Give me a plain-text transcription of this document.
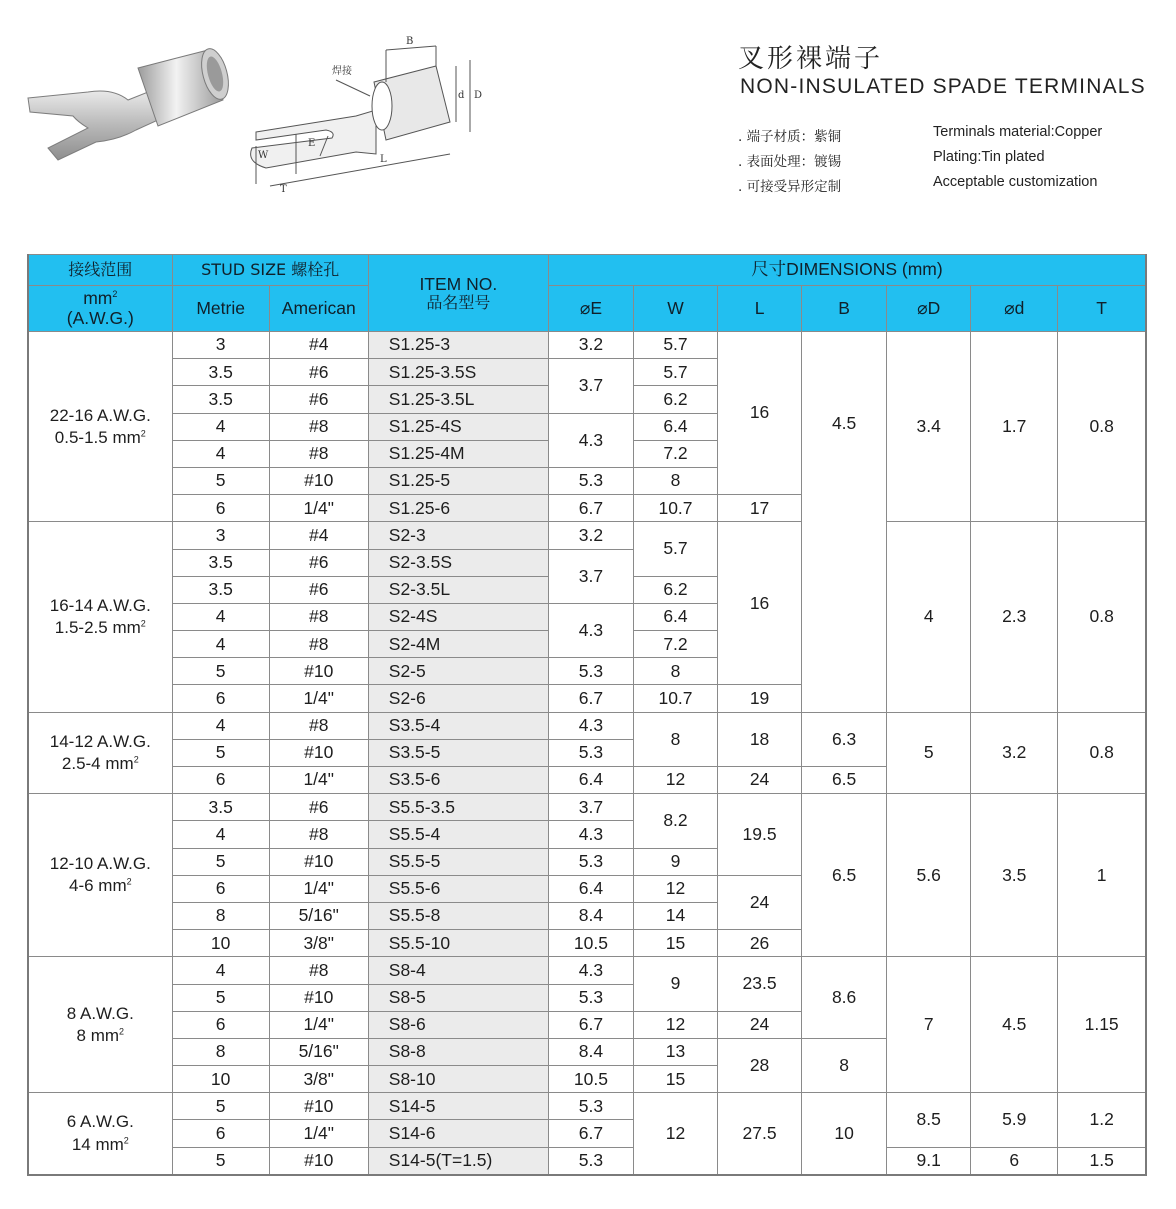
焊接
B
d D
E
W	L
T
叉形裸端子
NON-INSULATED SPADE TERMINALS
. 端子材质：紫铜
. 表面处理：镀锡
. 可接受异形定制
Terminals material:Copper
Plating:Tin plated
Acceptable customization
接线范围	STUD SIZE 螺栓孔		ITEM NO.
品名型号	尺寸DIMENSIONS (mm)						
$mm^2$
(A.W.G.)	Metrie	American		⌀E	W	L	B	⌀D	⌀d	T
22-16 A.W.G.
0.5-1.5 $mm^2$	3	#4	S1.25-3	3.2	5.7	16	4.5	3.4	1.7	0.8
	3.5	#6	S1.25-3.5S	3.7	5.7					
	3.5	#6	S1.25-3.5L		6.2					
	4	#8	S1.25-4S	4.3	6.4					
	4	#8	S1.25-4M		7.2					
	5	#10	S1.25-5	5.3	8					
	6	1/4"	S1.25-6	6.7	10.7	17				
16-14 A.W.G.
1.5-2.5 $mm^2$	3	#4	S2-3	3.2	5.7	16		4	2.3	0.8
	3.5	#6	S2-3.5S	3.7						
	3.5	#6	S2-3.5L		6.2					
	4	#8	S2-4S	4.3	6.4					
	4	#8	S2-4M		7.2					
	5	#10	S2-5	5.3	8					
	6	1/4"	S2-6	6.7	10.7	19				
14-12 A.W.G.
2.5-4 $mm^2$	4	#8	S3.5-4	4.3	8	18	6.3	5	3.2	0.8
	5	#10	S3.5-5	5.3						
	6	1/4"	S3.5-6	6.4	12	24	6.5			
12-10 A.W.G.
4-6 $mm^2$	3.5	#6	S5.5-3.5	3.7	8.2	19.5	6.5	5.6	3.5	1
	4	#8	S5.5-4	4.3						
	5	#10	S5.5-5	5.3	9					
	6	1/4"	S5.5-6	6.4	12	24				
	8	5/16"	S5.5-8	8.4	14					
	10	3/8"	S5.5-10	10.5	15	26				
8 A.W.G.
8 $mm^2$	4	#8	S8-4	4.3	9	23.5	8.6	7	4.5	1.15
	5	#10	S8-5	5.3						
	6	1/4"	S8-6	6.7	12	24				
	8	5/16"	S8-8	8.4	13	28	8			
	10	3/8"	S8-10	10.5	15					
6 A.W.G.
14 $mm^2$	5	#10	S14-5	5.3	12	27.5	10	8.5	5.9	1.2
	6	1/4"	S14-6	6.7						
	5	#10	S14-5(T=1.5)	5.3				9.1	6	1.5
